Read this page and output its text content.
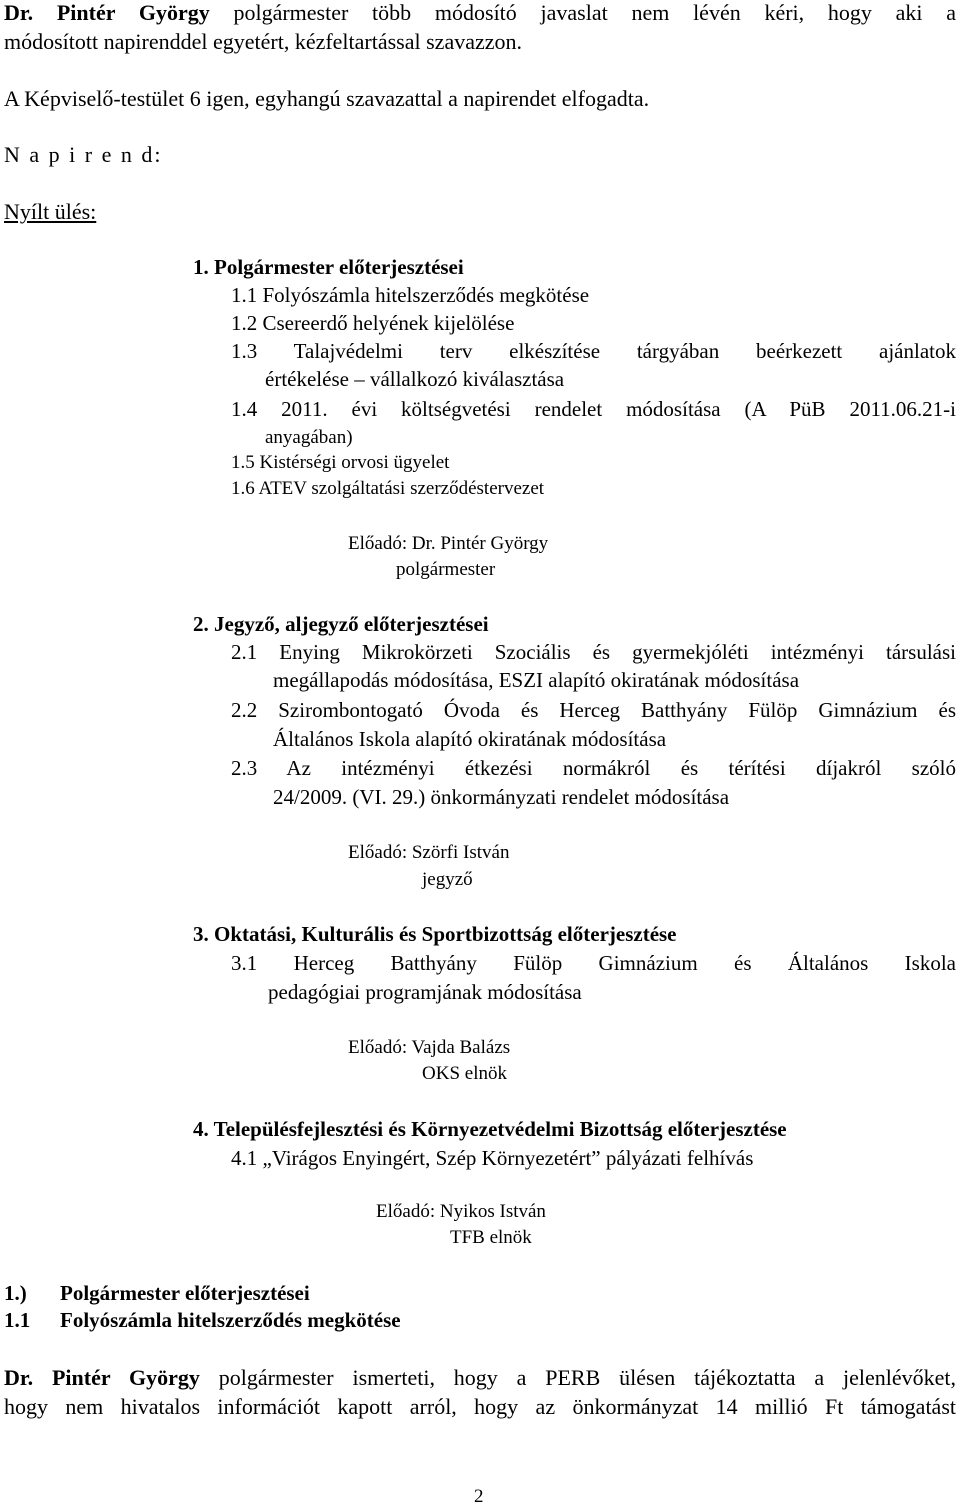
Dr. Pintér György polgármester több módosító javaslat nem lévén kéri, hogy aki a
módosított napirenddel egyetért, kézfeltartással szavazzon.
A Képviselő-testület 6 igen, egyhangú szavazattal a napirendet elfogadta.
N a p i r e n d:
Nyílt ülés:
1. Polgármester előterjesztései
1.1 Folyószámla hitelszerződés megkötése
1.2 Csereerdő helyének kijelölése
1.3 Talajvédelmi terv elkészítése tárgyában beérkezett ajánlatok
értékelése – vállalkozó kiválasztása
1.4 2011. évi költségvetési rendelet módosítása (A PüB 2011.06.21-i
anyagában)
1.5 Kistérségi orvosi ügyelet
1.6 ATEV szolgáltatási szerződéstervezet
Előadó: Dr. Pintér György
polgármester
2. Jegyző, aljegyző előterjesztései
2.1 Enying Mikrokörzeti Szociális és gyermekjóléti intézményi társulási
megállapodás módosítása, ESZI alapító okiratának módosítása
2.2 Szirombontogató Óvoda és Herceg Batthyány Fülöp Gimnázium és
Általános Iskola alapító okiratának módosítása
2.3 Az intézményi étkezési normákról és térítési díjakról szóló
24/2009. (VI. 29.) önkormányzati rendelet módosítása
Előadó: Szörfi István
jegyző
3. Oktatási, Kulturális és Sportbizottság előterjesztése
3.1 Herceg Batthyány Fülöp Gimnázium és Általános Iskola
pedagógiai programjának módosítása
Előadó: Vajda Balázs
OKS elnök
4. Településfejlesztési és Környezetvédelmi Bizottság előterjesztése
4.1 „Virágos Enyingért, Szép Környezetért” pályázati felhívás
Előadó: Nyikos István
TFB elnök
1.) Polgármester előterjesztései
1.1 Folyószámla hitelszerződés megkötése
Dr. Pintér György polgármester ismerteti, hogy a PERB ülésen tájékoztatta a jelenlévőket,
hogy nem hivatalos információt kapott arról, hogy az önkormányzat 14 millió Ft támogatást
2
